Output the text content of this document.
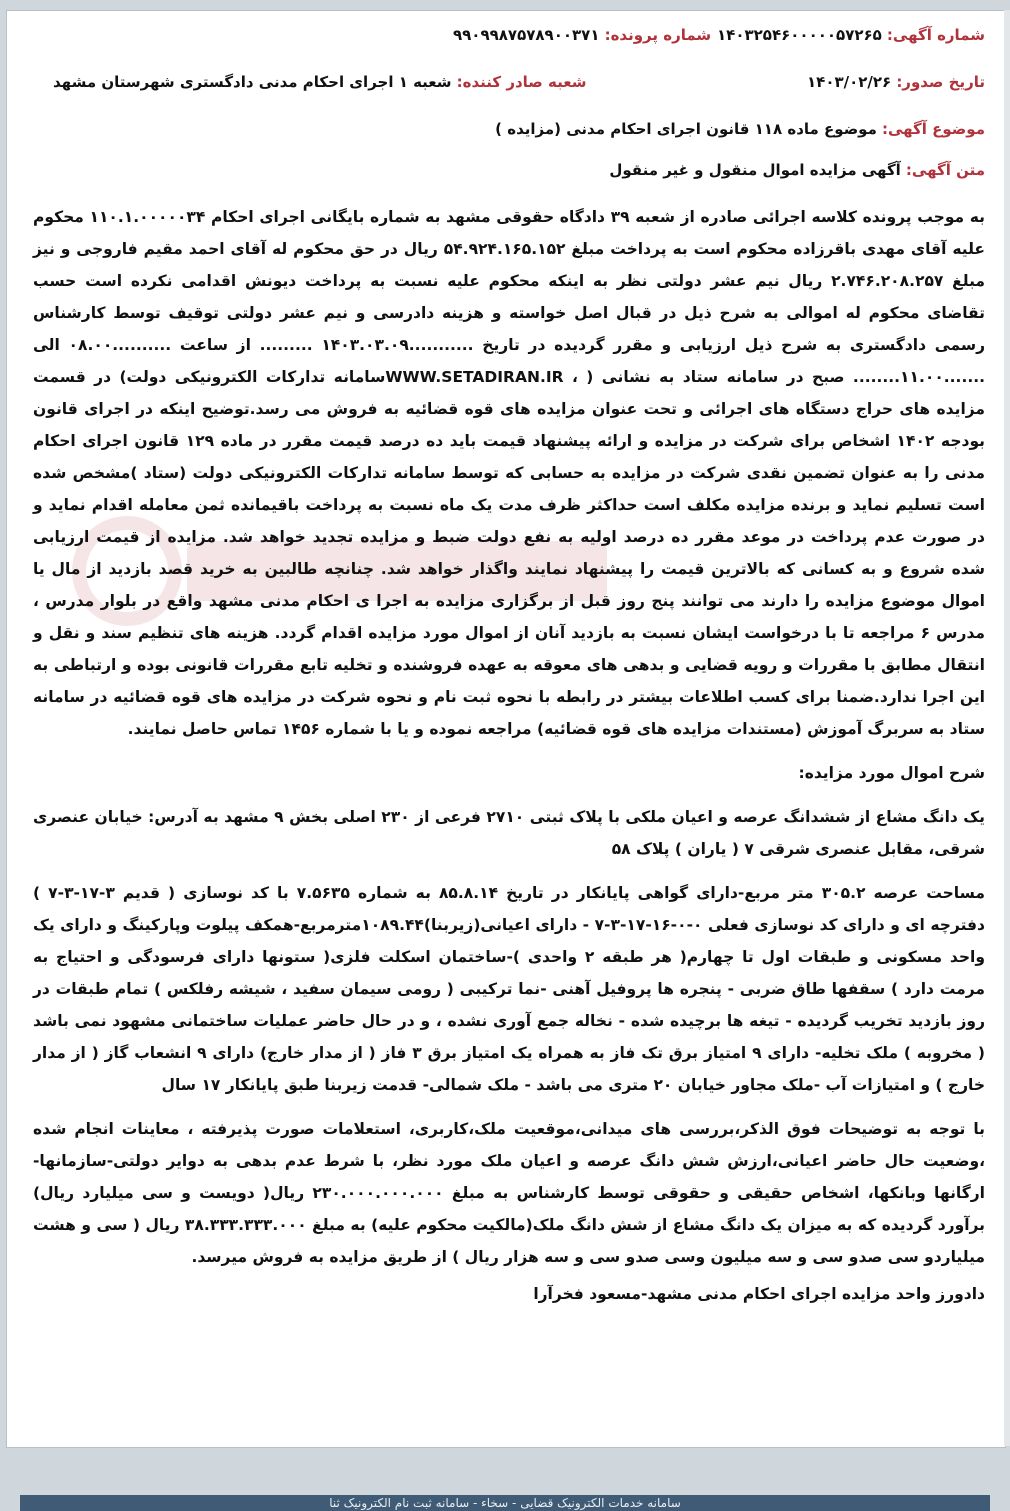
شماره آگهی: ۱۴۰۳۲۵۴۶۰۰۰۰۰۵۷۲۶۵
شماره پرونده: ۹۹۰۹۹۸۷۵۷۸۹۰۰۳۷۱
تاریخ صدور: ۱۴۰۳/۰۲/۲۶
شعبه صادر کننده: شعبه ۱ اجرای احکام مدنی دادگستری شهرستان مشهد
موضوع آگهی: موضوع ماده ۱۱۸ قانون اجرای احکام مدنی (مزایده )
متن آگهی: آگهی مزایده اموال منقول و غیر منقول

به موجب پرونده کلاسه اجرائی صادره از شعبه ۳۹ دادگاه حقوقی مشهد به شماره بایگانی اجرای احکام ۱۱۰.۱.۰۰۰۰۰۳۴ محکوم علیه آقای مهدی باقرزاده محکوم است به پرداخت مبلغ ۵۴.۹۲۴.۱۶۵.۱۵۲ ریال در حق محکوم له آقای احمد مقیم فاروجی و نیز مبلغ ۲.۷۴۶.۲۰۸.۲۵۷ ریال نیم عشر دولتی نظر به اینکه محکوم علیه نسبت به پرداخت دیونش اقدامی نکرده است حسب تقاضای محکوم له اموالی به شرح ذیل در قبال اصل خواسته و هزینه دادرسی و نیم عشر دولتی توقیف توسط کارشناس رسمی دادگستری به شرح ذیل ارزیابی و مقرر گردیده در تاریخ ...........۱۴۰۳.۰۳.۰۹ ......... از ساعت ..........۰۸.۰۰ الی .......۱۱.۰۰........ صبح در سامانه ستاد به نشانی ( ، WWW.SETADIRAN.IRسامانه تدارکات الکترونیکی دولت) در قسمت مزایده های حراج دستگاه های اجرائی و تحت عنوان مزایده های قوه قضائیه به فروش می رسد.توضیح اینکه در اجرای قانون بودجه ۱۴۰۲ اشخاص برای شرکت در مزایده و ارائه پیشنهاد قیمت باید ده درصد قیمت مقرر در ماده ۱۲۹ قانون اجرای احکام مدنی را به عنوان تضمین نقدی شرکت در مزایده به حسابی که توسط سامانه تدارکات الکترونیکی دولت (ستاد )مشخص شده است تسلیم نماید و برنده مزایده مکلف است حداکثر ظرف مدت یک ماه نسبت به پرداخت باقیمانده ثمن معامله اقدام نماید و در صورت عدم پرداخت در موعد مقرر ده درصد اولیه به نفع دولت ضبط و مزایده تجدید خواهد شد. مزایده از قیمت ارزیابی شده شروع و به کسانی که بالاترین قیمت را پیشنهاد نمایند واگذار خواهد شد. چنانچه طالبین به خرید قصد بازدید از مال یا اموال موضوع مزایده را دارند می توانند پنج روز قبل از برگزاری مزایده به اجرا ی احکام مدنی مشهد واقع در بلوار مدرس ، مدرس ۶ مراجعه تا با درخواست ایشان نسبت به بازدید آنان از اموال مورد مزایده اقدام گردد. هزینه های تنظیم سند و نقل و انتقال مطابق با مقررات و رویه قضایی و بدهی های معوقه به عهده فروشنده و تخلیه تابع مقررات قانونی بوده و ارتباطی به این اجرا ندارد.ضمنا برای کسب اطلاعات بیشتر در رابطه با نحوه ثبت نام و نحوه شرکت در مزایده های قوه قضائیه در سامانه ستاد به سربرگ آموزش (مستندات مزایده های قوه قضائیه) مراجعه نموده و یا با شماره ۱۴۵۶ تماس حاصل نمایند.

شرح اموال مورد مزایده:

یک دانگ مشاع از ششدانگ عرصه و اعیان ملکی با پلاک ثبتی ۲۷۱۰ فرعی از ۲۳۰ اصلی بخش ۹ مشهد به آدرس: خیابان عنصری شرقی، مقابل عنصری شرقی ۷ ( یاران ) پلاک ۵۸

مساحت عرصه ۳۰۵.۲ متر مربع-دارای گواهی پایانکار در تاریخ ۸۵.۸.۱۴ به شماره ۷.۵۶۳۵ با کد نوسازی ( قدیم ۳-۱۷-۳-۷ ) دفترچه ای و دارای کد نوسازی فعلی ۰-۰-۱۶-۱۷-۳-۷ - دارای اعیانی(زیربنا)۱۰۸۹.۴۴مترمربع-همکف پیلوت وپارکینگ و دارای یک واحد مسکونی و طبقات اول تا چهارم( هر طبقه ۲ واحدی )-ساختمان اسکلت فلزی( ستونها دارای فرسودگی و احتیاج به مرمت دارد ) سقفها طاق ضربی - پنجره ها پروفیل آهنی -نما ترکیبی ( رومی سیمان سفید ، شیشه رفلکس ) تمام طبقات در روز بازدید تخریب گردیده - تیغه ها برچیده شده - نخاله جمع آوری نشده ، و در حال حاضر عملیات ساختمانی مشهود نمی باشد ( مخروبه ) ملک تخلیه- دارای ۹ امتیاز برق تک فاز به همراه یک امتیاز برق ۳ فاز ( از مدار خارج) دارای ۹ انشعاب گاز ( از مدار خارج ) و امتیازات آب -ملک مجاور خیابان ۲۰ متری می باشد - ملک شمالی- قدمت زیربنا طبق پایانکار ۱۷ سال

با توجه به توضیحات فوق الذکر،بررسی های میدانی،موقعیت ملک،کاربری، استعلامات صورت پذیرفته ، معاینات انجام شده ،وضعیت حال حاضر اعیانی،ارزش شش دانگ عرصه و اعیان ملک مورد نظر، با شرط عدم بدهی به دوایر دولتی-سازمانها- ارگانها وبانکها، اشخاص حقیقی و حقوقی توسط کارشناس به مبلغ ۲۳۰.۰۰۰.۰۰۰.۰۰۰ ریال( دویست و سی میلیارد ریال) برآورد گردیده که به میزان یک دانگ مشاع از شش دانگ ملک(مالکیت محکوم علیه) به مبلغ ۳۸.۳۳۳.۳۳۳.۰۰۰ ریال ( سی و هشت میلیاردو سی صدو سی و سه میلیون وسی صدو سی و سه هزار ریال ) از طریق مزایده به فروش میرسد.

دادورز واحد مزایده اجرای احکام مدنی مشهد-مسعود فخرآرا
سامانه خدمات الکترونیک قضایی - سخاء - سامانه ثبت نام الکترونیک ثنا
